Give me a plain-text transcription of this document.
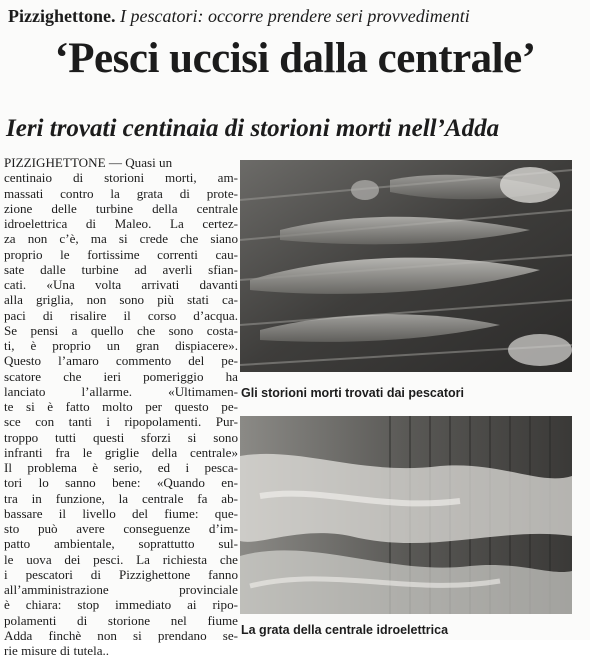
Pizzighettone. I pescatori: occorre prendere seri provvedimenti
‘Pesci uccisi dalla centrale’
Ieri trovati centinaia di storioni morti nell’Adda
PIZZIGHETTONE — Quasi un
centinaio di storioni morti, am-
massati contro la grata di protе-
zione delle turbine della centrale
idroelettrica di Maleo. La certez-
za non c’è, ma si crede che siano
proprio le fortissime correnti cau-
sate dalle turbine ad averli sfian-
cati. «Una volta arrivati davanti
alla griglia, non sono più stati ca-
paci di risalire il corso d’acqua.
Se pensi a quello che sono costa-
ti, è proprio un gran dispiacere».
Questo l’amaro commento del pe-
scatore che ieri pomeriggio ha
lanciato l’allarme. «Ultimamen-
te si è fatto molto per questo pe-
sce con tanti i ripopolamenti. Pur-
troppo tutti questi sforzi si sono
infranti fra le griglie della centrale»
Il problema è serio, ed i pesca-
tori lo sanno bene: «Quando en-
tra in funzione, la centrale fa ab-
bassare il livello del fiume: que-
sto può avere conseguenze d’im-
patto ambientale, soprattutto sul-
le uova dei pesci. La richiesta che
i pescatori di Pizzighettone fanno
all’amministrazione provinciale
è chiara: stop immediato ai ripo-
polamenti di storione nel fiume
Adda finchè non si prendano se-
rie misure di tutela..
Gli storioni morti trovati dai pescatori
La grata della centrale idroelettrica
